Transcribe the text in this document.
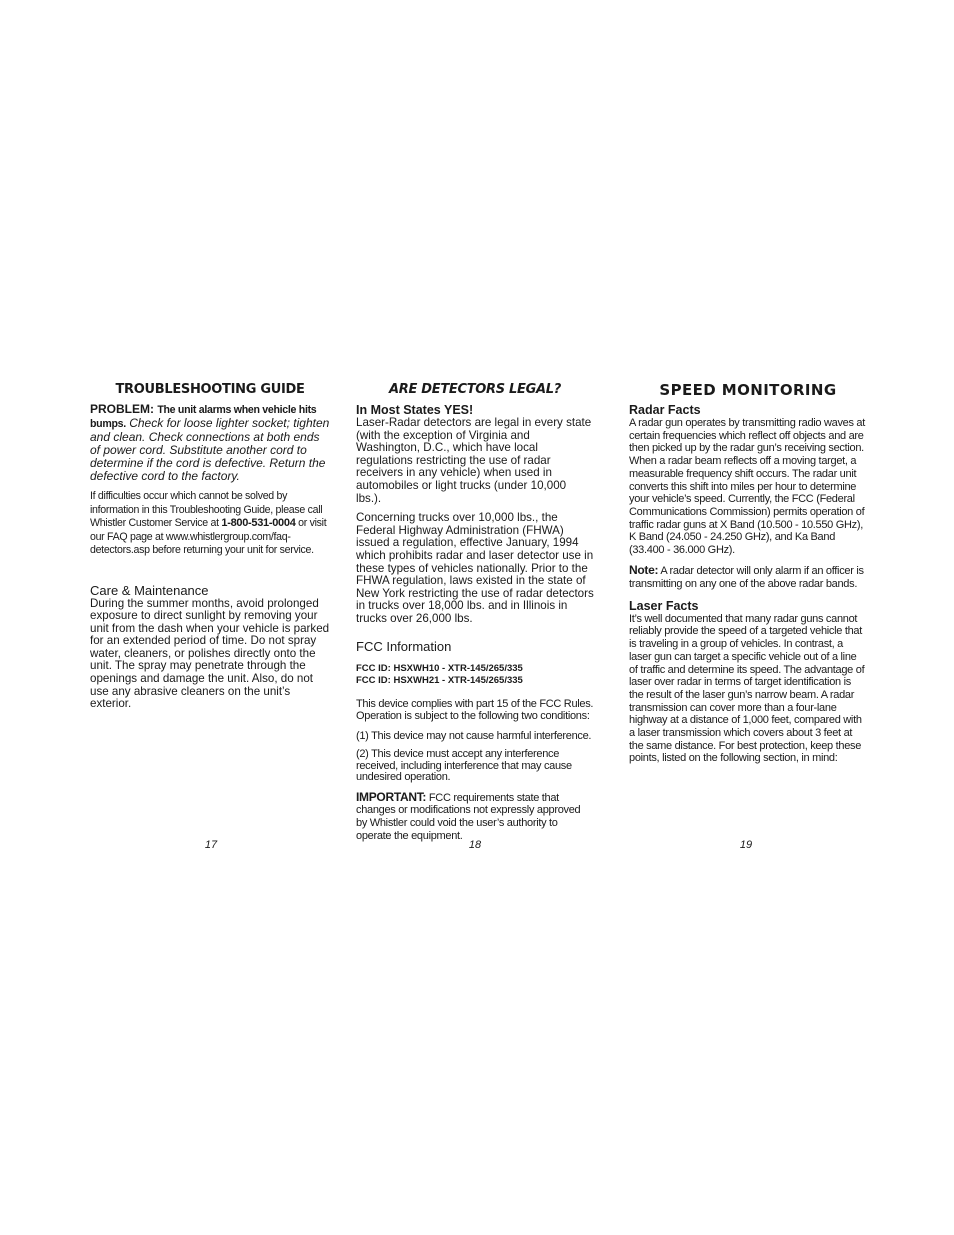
TROUBLESHOOTING GUIDE

PROBLEM: The unit alarms when vehicle hits bumps. Check for loose lighter socket; tighten and clean. Check connections at both ends of power cord. Substitute another cord to determine if the cord is defective. Return the defective cord to the factory.

If difficulties occur which cannot be solved by information in this Troubleshooting Guide, please call Whistler Customer Service at 1-800-531-0004 or visit our FAQ page at www.whistlergroup.com/faq-detectors.asp before returning your unit for service.

Care & Maintenance

During the summer months, avoid prolonged exposure to direct sunlight by removing your unit from the dash when your vehicle is parked for an extended period of time. Do not spray water, cleaners, or polishes directly onto the unit. The spray may penetrate through the openings and damage the unit. Also, do not use any abrasive cleaners on the unit’s exterior.

ARE DETECTORS LEGAL?
In Most States YES!

Laser-Radar detectors are legal in every state (with the exception of Virginia and Washington, D.C., which have local regulations restricting the use of radar receivers in any vehicle) when used in automobiles or light trucks (under 10,000 lbs.).

Concerning trucks over 10,000 lbs., the Federal Highway Administration (FHWA) issued a regulation, effective January, 1994 which prohibits radar and laser detector use in these types of vehicles nationally. Prior to the FHWA regulation, laws existed in the state of New York restricting the use of radar detectors in trucks over 18,000 lbs. and in Illinois in trucks over 26,000 lbs.

FCC Information

FCC ID: HSXWH10 - XTR-145/265/335

FCC ID: HSXWH21 - XTR-145/265/335

This device complies with part 15 of the FCC Rules. Operation is subject to the following two conditions:

(1) This device may not cause harmful interference.

(2) This device must accept any interference received, including interference that may cause undesired operation.

IMPORTANT: FCC requirements state that changes or modifications not expressly approved by Whistler could void the user’s authority to operate the equipment.

SPEED MONITORING
Radar Facts

A radar gun operates by transmitting radio waves at certain frequencies which reflect off objects and are then picked up by the radar gun’s receiving section. When a radar beam reflects off a moving target, a measurable frequency shift occurs. The radar unit converts this shift into miles per hour to determine your vehicle’s speed. Currently, the FCC (Federal Communications Commission) permits operation of traffic radar guns at X Band (10.500 - 10.550 GHz), K Band (24.050 - 24.250 GHz), and Ka Band (33.400 - 36.000 GHz).

Note: A radar detector will only alarm if an officer is transmitting on any one of the above radar bands.

Laser Facts

It’s well documented that many radar guns cannot reliably provide the speed of a targeted vehicle that is traveling in a group of vehicles. In contrast, a laser gun can target a specific vehicle out of a line of traffic and determine its speed. The advantage of laser over radar in terms of target identification is the result of the laser gun’s narrow beam. A radar transmission can cover more than a four-lane highway at a distance of 1,000 feet, compared with a laser transmission which covers about 3 feet at the same distance. For best protection, keep these points, listed on the following section, in mind:

17	18	19
